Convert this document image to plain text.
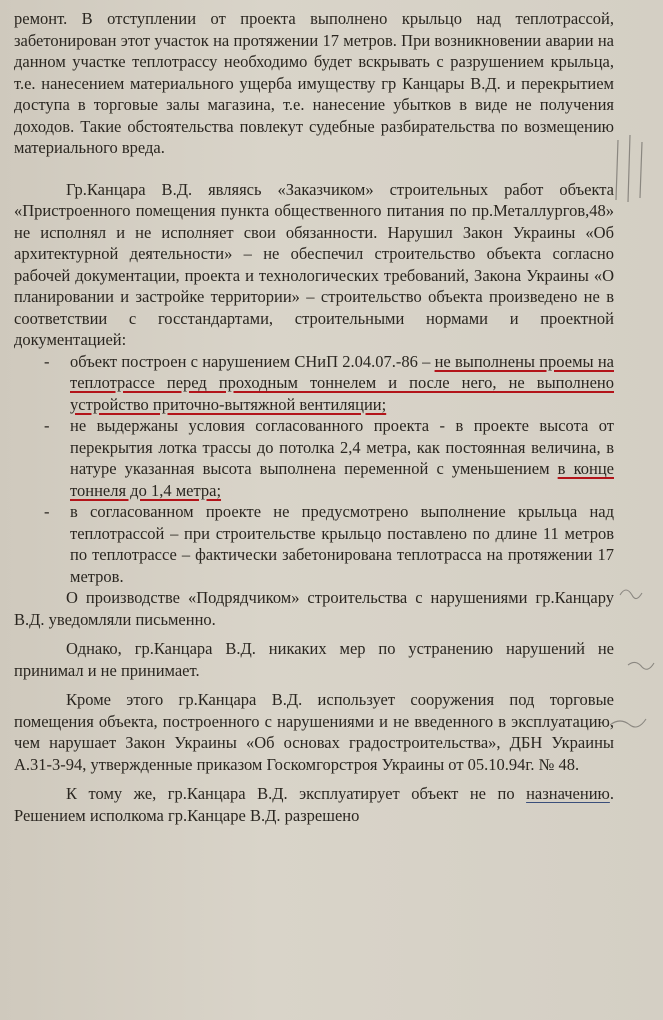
ремонт. В отступлении от проекта выполнено крыльцо над теплотрассой, забетонирован этот участок на протяжении 17 метров. При возникновении аварии на данном участке теплотрассу необходимо будет вскрывать с разрушением крыльца, т.е. нанесением материального ущерба имуществу гр Канцары В.Д. и перекрытием доступа в торговые залы магазина, т.е. нанесение убытков в виде не получения доходов. Такие обстоятельства повлекут судебные разбирательства по возмещению материального вреда.

Гр.Канцара В.Д. являясь «Заказчиком» строительных работ объекта «Пристроенного помещения пункта общественного питания по пр.Металлургов,48» не исполнял и не исполняет свои обязанности. Нарушил Закон Украины «Об архитектурной деятельности» – не обеспечил строительство объекта согласно рабочей документации, проекта и технологических требований, Закона Украины «О планировании и застройке территории» – строительство объекта произведено не в соответствии с госстандартами, строительными нормами и проектной документацией:

-	объект построен с нарушением СНиП 2.04.07.-86 – не выполнены проемы на теплотрассе перед проходным тоннелем и после него, не выполнено устройство приточно-вытяжной вентиляции;
-	не выдержаны условия согласованного проекта - в проекте высота от перекрытия лотка трассы до потолка 2,4 метра, как постоянная величина, в натуре указанная высота выполнена переменной с уменьшением в конце тоннеля до 1,4 метра;
-	в согласованном проекте не предусмотрено выполнение крыльца над теплотрассой – при строительстве крыльцо поставлено по длине 11 метров по теплотрассе – фактически забетонирована теплотрасса на протяжении 17 метров.

О производстве «Подрядчиком» строительства с нарушениями гр.Канцару В.Д. уведомляли письменно.

Однако, гр.Канцара В.Д. никаких мер по устранению нарушений не принимал и не принимает.

Кроме этого гр.Канцара В.Д. использует сооружения под торговые помещения объекта, построенного с нарушениями и не введенного в эксплуатацию, чем нарушает Закон Украины «Об основах градостроительства», ДБН Украины А.31-3-94, утвержденные приказом Госкомгорстроя Украины от 05.10.94г. № 48.

К тому же, гр.Канцара В.Д. эксплуатирует объект не по назначению. Решением исполкома гр.Канцаре В.Д. разрешено
